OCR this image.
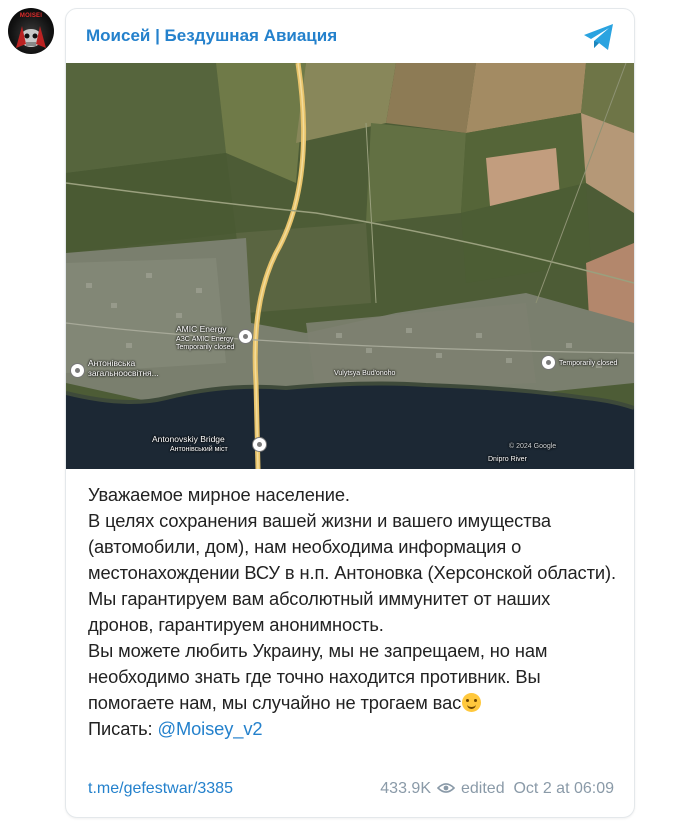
MOISEI
Моисей | Бездушная Авиация
AMIC Energy
АЗС AMIC Energy
Temporarily closed
Антонівська
загальноосвітня...	Vulytsya Bud'onoho
Temporarily closed
Antonovskiy Bridge
Антонівський міст	© 2024 Google
Dnipro River

Уважаемое мирное население.

В целях сохранения вашей жизни и вашего имущества (автомобили, дом), нам необходима информация о местонахождении ВСУ в н.п. Антоновка (Херсонской области).

Мы гарантируем вам абсолютный иммунитет от наших дронов, гарантируем анонимность.

Вы можете любить Украину, мы не запрещаем, но нам необходимо знать где точно находится противник. Вы помогаете нам, мы случайно не трогаем вас

Писать: @Moisey_v2

t.me/gefestwar/3385	433.9K edited Oct 2 at 06:09
